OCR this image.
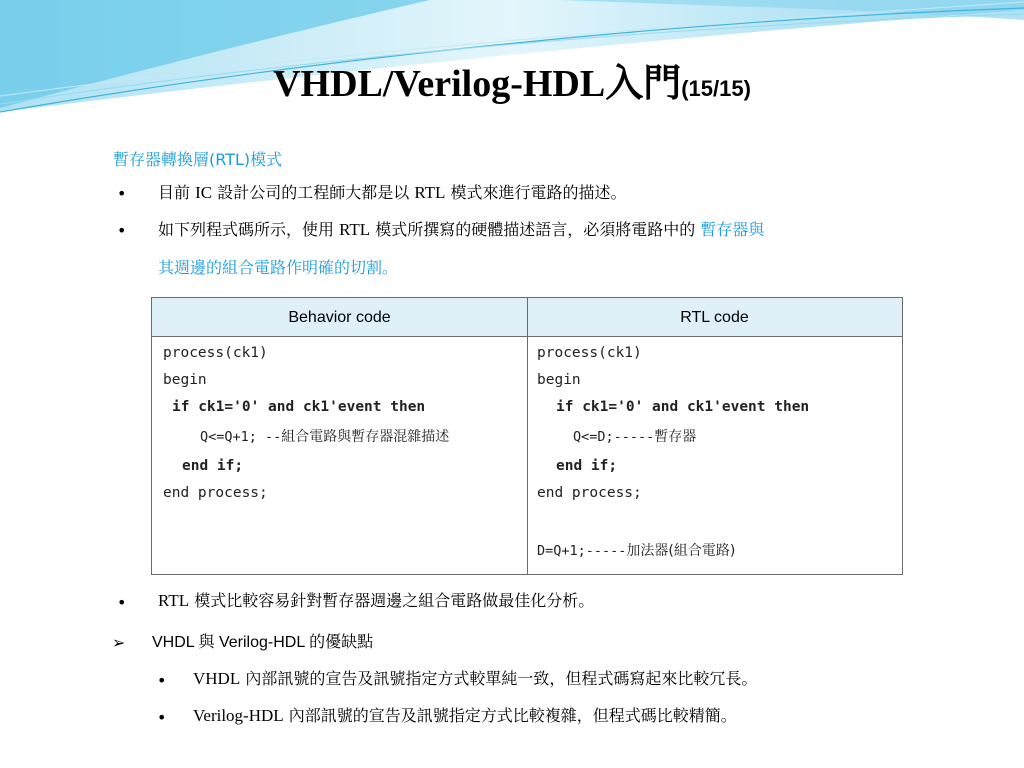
VHDL/Verilog-HDL入門(15/15)
暫存器轉換層(RTL)模式
• 目前 IC 設計公司的工程師大都是以 RTL 模式來進行電路的描述。
• 如下列程式碼所示，使用 RTL 模式所撰寫的硬體描述語言，必須將電路中的 暫存器與
其週邊的組合電路作明確的切割。
Behavior code	RTL code
process(ck1)
begin
if ck1='0' and ck1'event then
Q<=Q+1; --組合電路與暫存器混雜描述
end if;
end process;
process(ck1)
begin
if ck1='0' and ck1'event then
Q<=D;-----暫存器
end if;
end process;
D=Q+1;-----加法器(組合電路)
• RTL 模式比較容易針對暫存器週邊之組合電路做最佳化分析。
➢ VHDL 與 Verilog-HDL 的優缺點
• VHDL 內部訊號的宣告及訊號指定方式較單純一致，但程式碼寫起來比較冗長。
• Verilog-HDL 內部訊號的宣告及訊號指定方式比較複雜，但程式碼比較精簡。
